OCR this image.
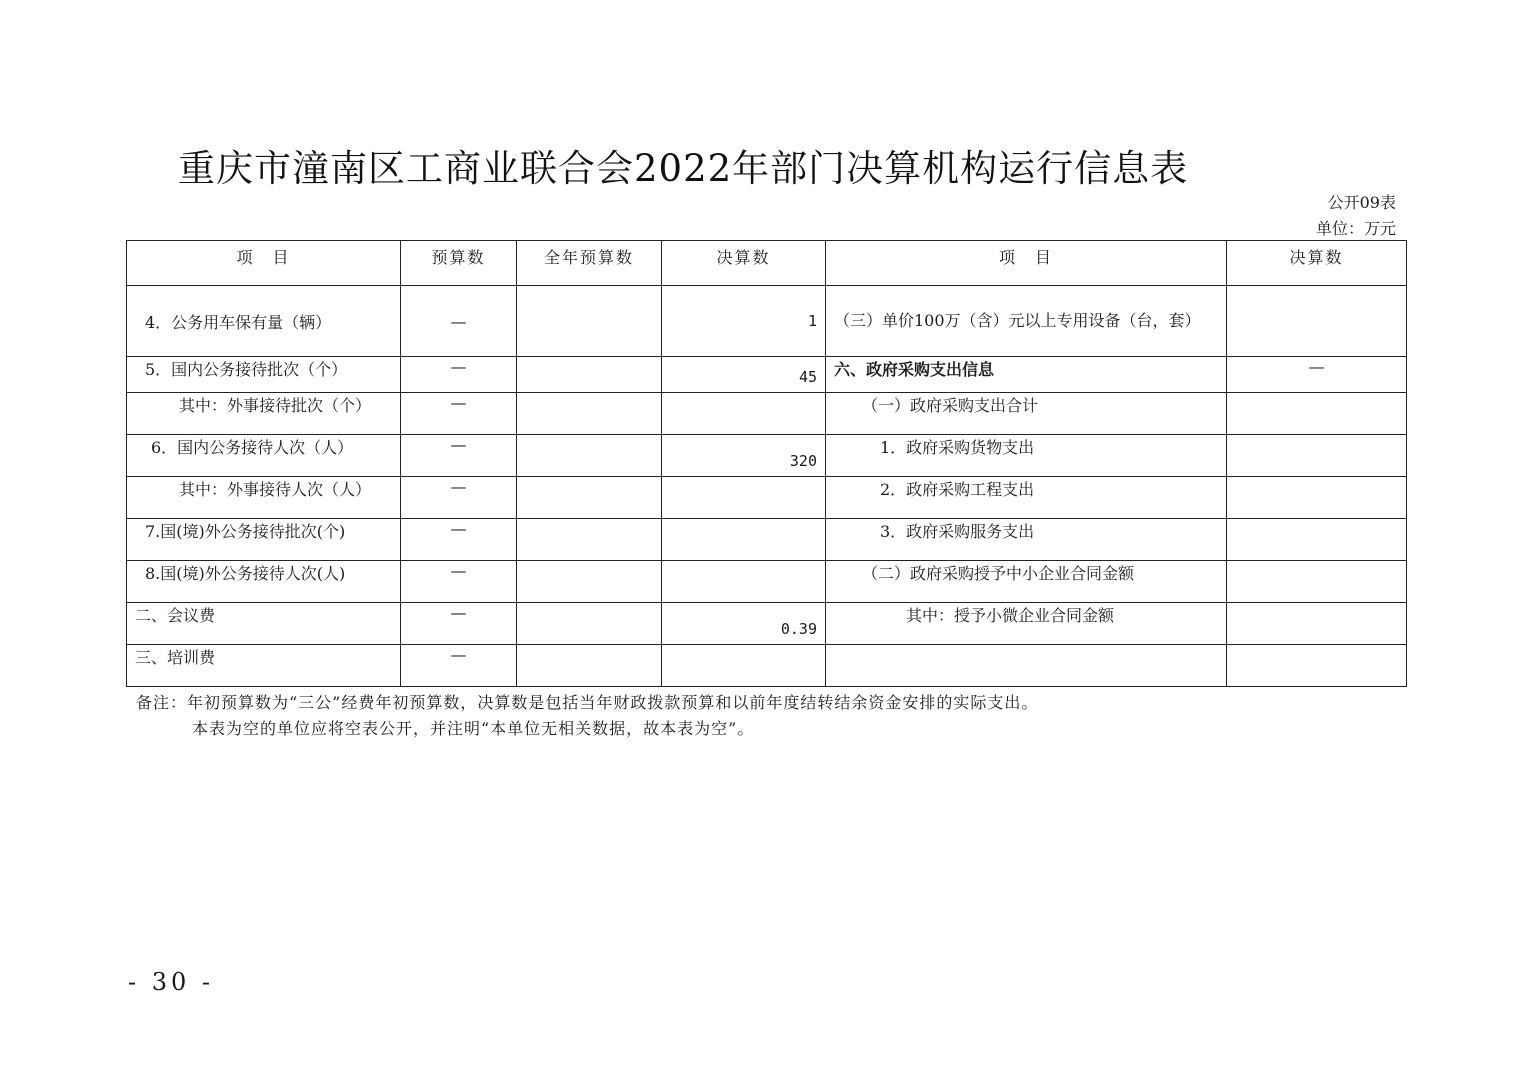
重庆市潼南区工商业联合会2022年部门决算机构运行信息表
公开09表
单位：万元
项　目	预算数	全年预算数	决算数	项　目	决算数
4．公务用车保有量（辆）	—		1	（三）单价100万（含）元以上专用设备（台，套）	
5．国内公务接待批次（个）	—		45	六、政府采购支出信息	—
其中：外事接待批次（个）	—			（一）政府采购支出合计	
6．国内公务接待人次（人）	—		320	1．政府采购货物支出	
其中：外事接待人次（人）	—			2．政府采购工程支出	
7.国(境)外公务接待批次(个)	—			3．政府采购服务支出	
8.国(境)外公务接待人次(人)	—			（二）政府采购授予中小企业合同金额	
二、会议费	—		0.39	其中：授予小微企业合同金额	
三、培训费	—				
备注：年初预算数为“三公”经费年初预算数，决算数是包括当年财政拨款预算和以前年度结转结余资金安排的实际支出。
本表为空的单位应将空表公开，并注明“本单位无相关数据，故本表为空”。
- 30 -
